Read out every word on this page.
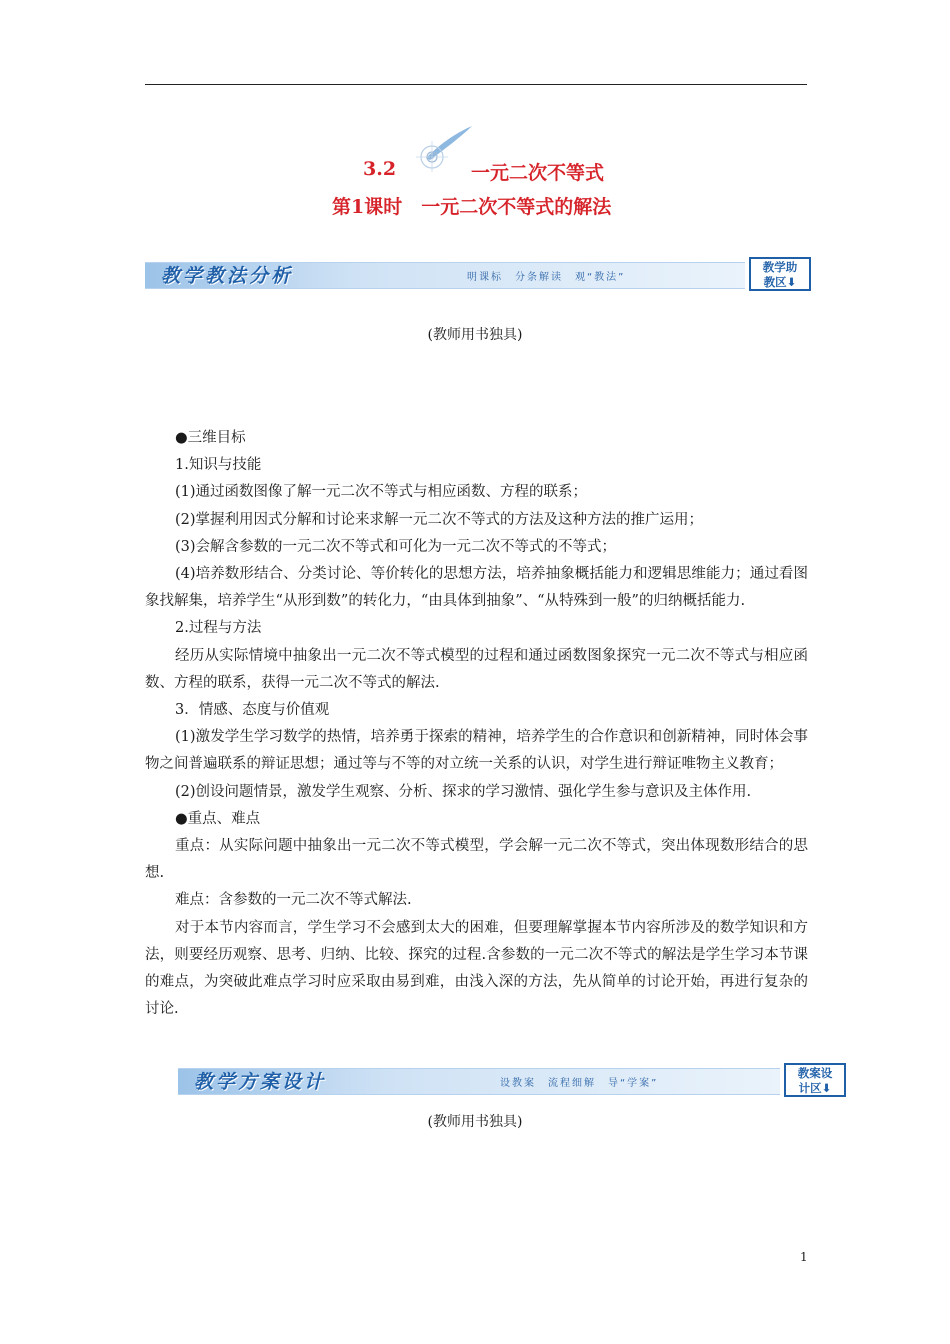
3.2	一元二次不等式
第1课时　一元二次不等式的解法
教学教法分析	明课标　分条解读　观“教法”
教学助
教区⬇
(教师用书独具)

●三维目标

1.知识与技能

(1)通过函数图像了解一元二次不等式与相应函数、方程的联系；

(2)掌握利用因式分解和讨论来求解一元二次不等式的方法及这种方法的推广运用；

(3)会解含参数的一元二次不等式和可化为一元二次不等式的不等式；

(4)培养数形结合、分类讨论、等价转化的思想方法，培养抽象概括能力和逻辑思维能力；通过看图象找解集，培养学生“从形到数”的转化力，“由具体到抽象”、“从特殊到一般”的归纳概括能力.

2.过程与方法

经历从实际情境中抽象出一元二次不等式模型的过程和通过函数图象探究一元二次不等式与相应函数、方程的联系，获得一元二次不等式的解法.

3．情感、态度与价值观

(1)激发学生学习数学的热情，培养勇于探索的精神，培养学生的合作意识和创新精神，同时体会事物之间普遍联系的辩证思想；通过等与不等的对立统一关系的认识，对学生进行辩证唯物主义教育；

(2)创设问题情景，激发学生观察、分析、探求的学习激情、强化学生参与意识及主体作用.

●重点、难点

重点：从实际问题中抽象出一元二次不等式模型，学会解一元二次不等式，突出体现数形结合的思想.

难点：含参数的一元二次不等式解法.

对于本节内容而言，学生学习不会感到太大的困难，但要理解掌握本节内容所涉及的数学知识和方法，则要经历观察、思考、归纳、比较、探究的过程.含参数的一元二次不等式的解法是学生学习本节课的难点，为突破此难点学习时应采取由易到难，由浅入深的方法，先从简单的讨论开始，再进行复杂的讨论.

教学方案设计	设教案　流程细解　导“学案”
教案设
计区⬇
(教师用书独具)
1
